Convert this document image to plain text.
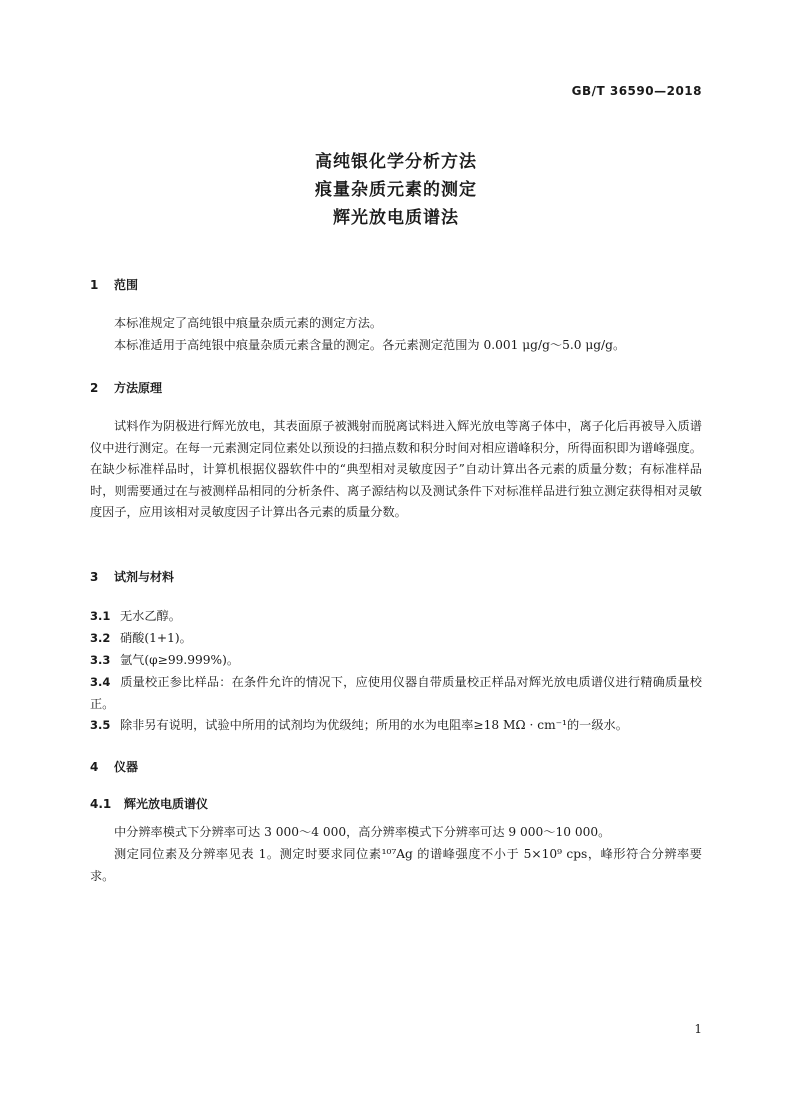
GB/T 36590—2018
高纯银化学分析方法
痕量杂质元素的测定
辉光放电质谱法
1 范围

本标准规定了高纯银中痕量杂质元素的测定方法。

本标准适用于高纯银中痕量杂质元素含量的测定。各元素测定范围为 0.001 μg/g～5.0 μg/g。

2 方法原理

试料作为阴极进行辉光放电，其表面原子被溅射而脱离试料进入辉光放电等离子体中，离子化后再被导入质谱仪中进行测定。在每一元素测定同位素处以预设的扫描点数和积分时间对相应谱峰积分，所得面积即为谱峰强度。在缺少标准样品时，计算机根据仪器软件中的“典型相对灵敏度因子”自动计算出各元素的质量分数；有标准样品时，则需要通过在与被测样品相同的分析条件、离子源结构以及测试条件下对标准样品进行独立测定获得相对灵敏度因子，应用该相对灵敏度因子计算出各元素的质量分数。

3 试剂与材料

3.1 无水乙醇。

3.2 硝酸(1+1)。

3.3 氩气(φ≥99.999%)。

3.4 质量校正参比样品：在条件允许的情况下，应使用仪器自带质量校正样品对辉光放电质谱仪进行精确质量校正。

3.5 除非另有说明，试验中所用的试剂均为优级纯；所用的水为电阻率≥18 MΩ · cm⁻¹的一级水。

4 仪器
4.1 辉光放电质谱仪

中分辨率模式下分辨率可达 3 000～4 000，高分辨率模式下分辨率可达 9 000～10 000。

测定同位素及分辨率见表 1。测定时要求同位素¹⁰⁷Ag 的谱峰强度不小于 5×10⁹ cps，峰形符合分辨率要求。

1
